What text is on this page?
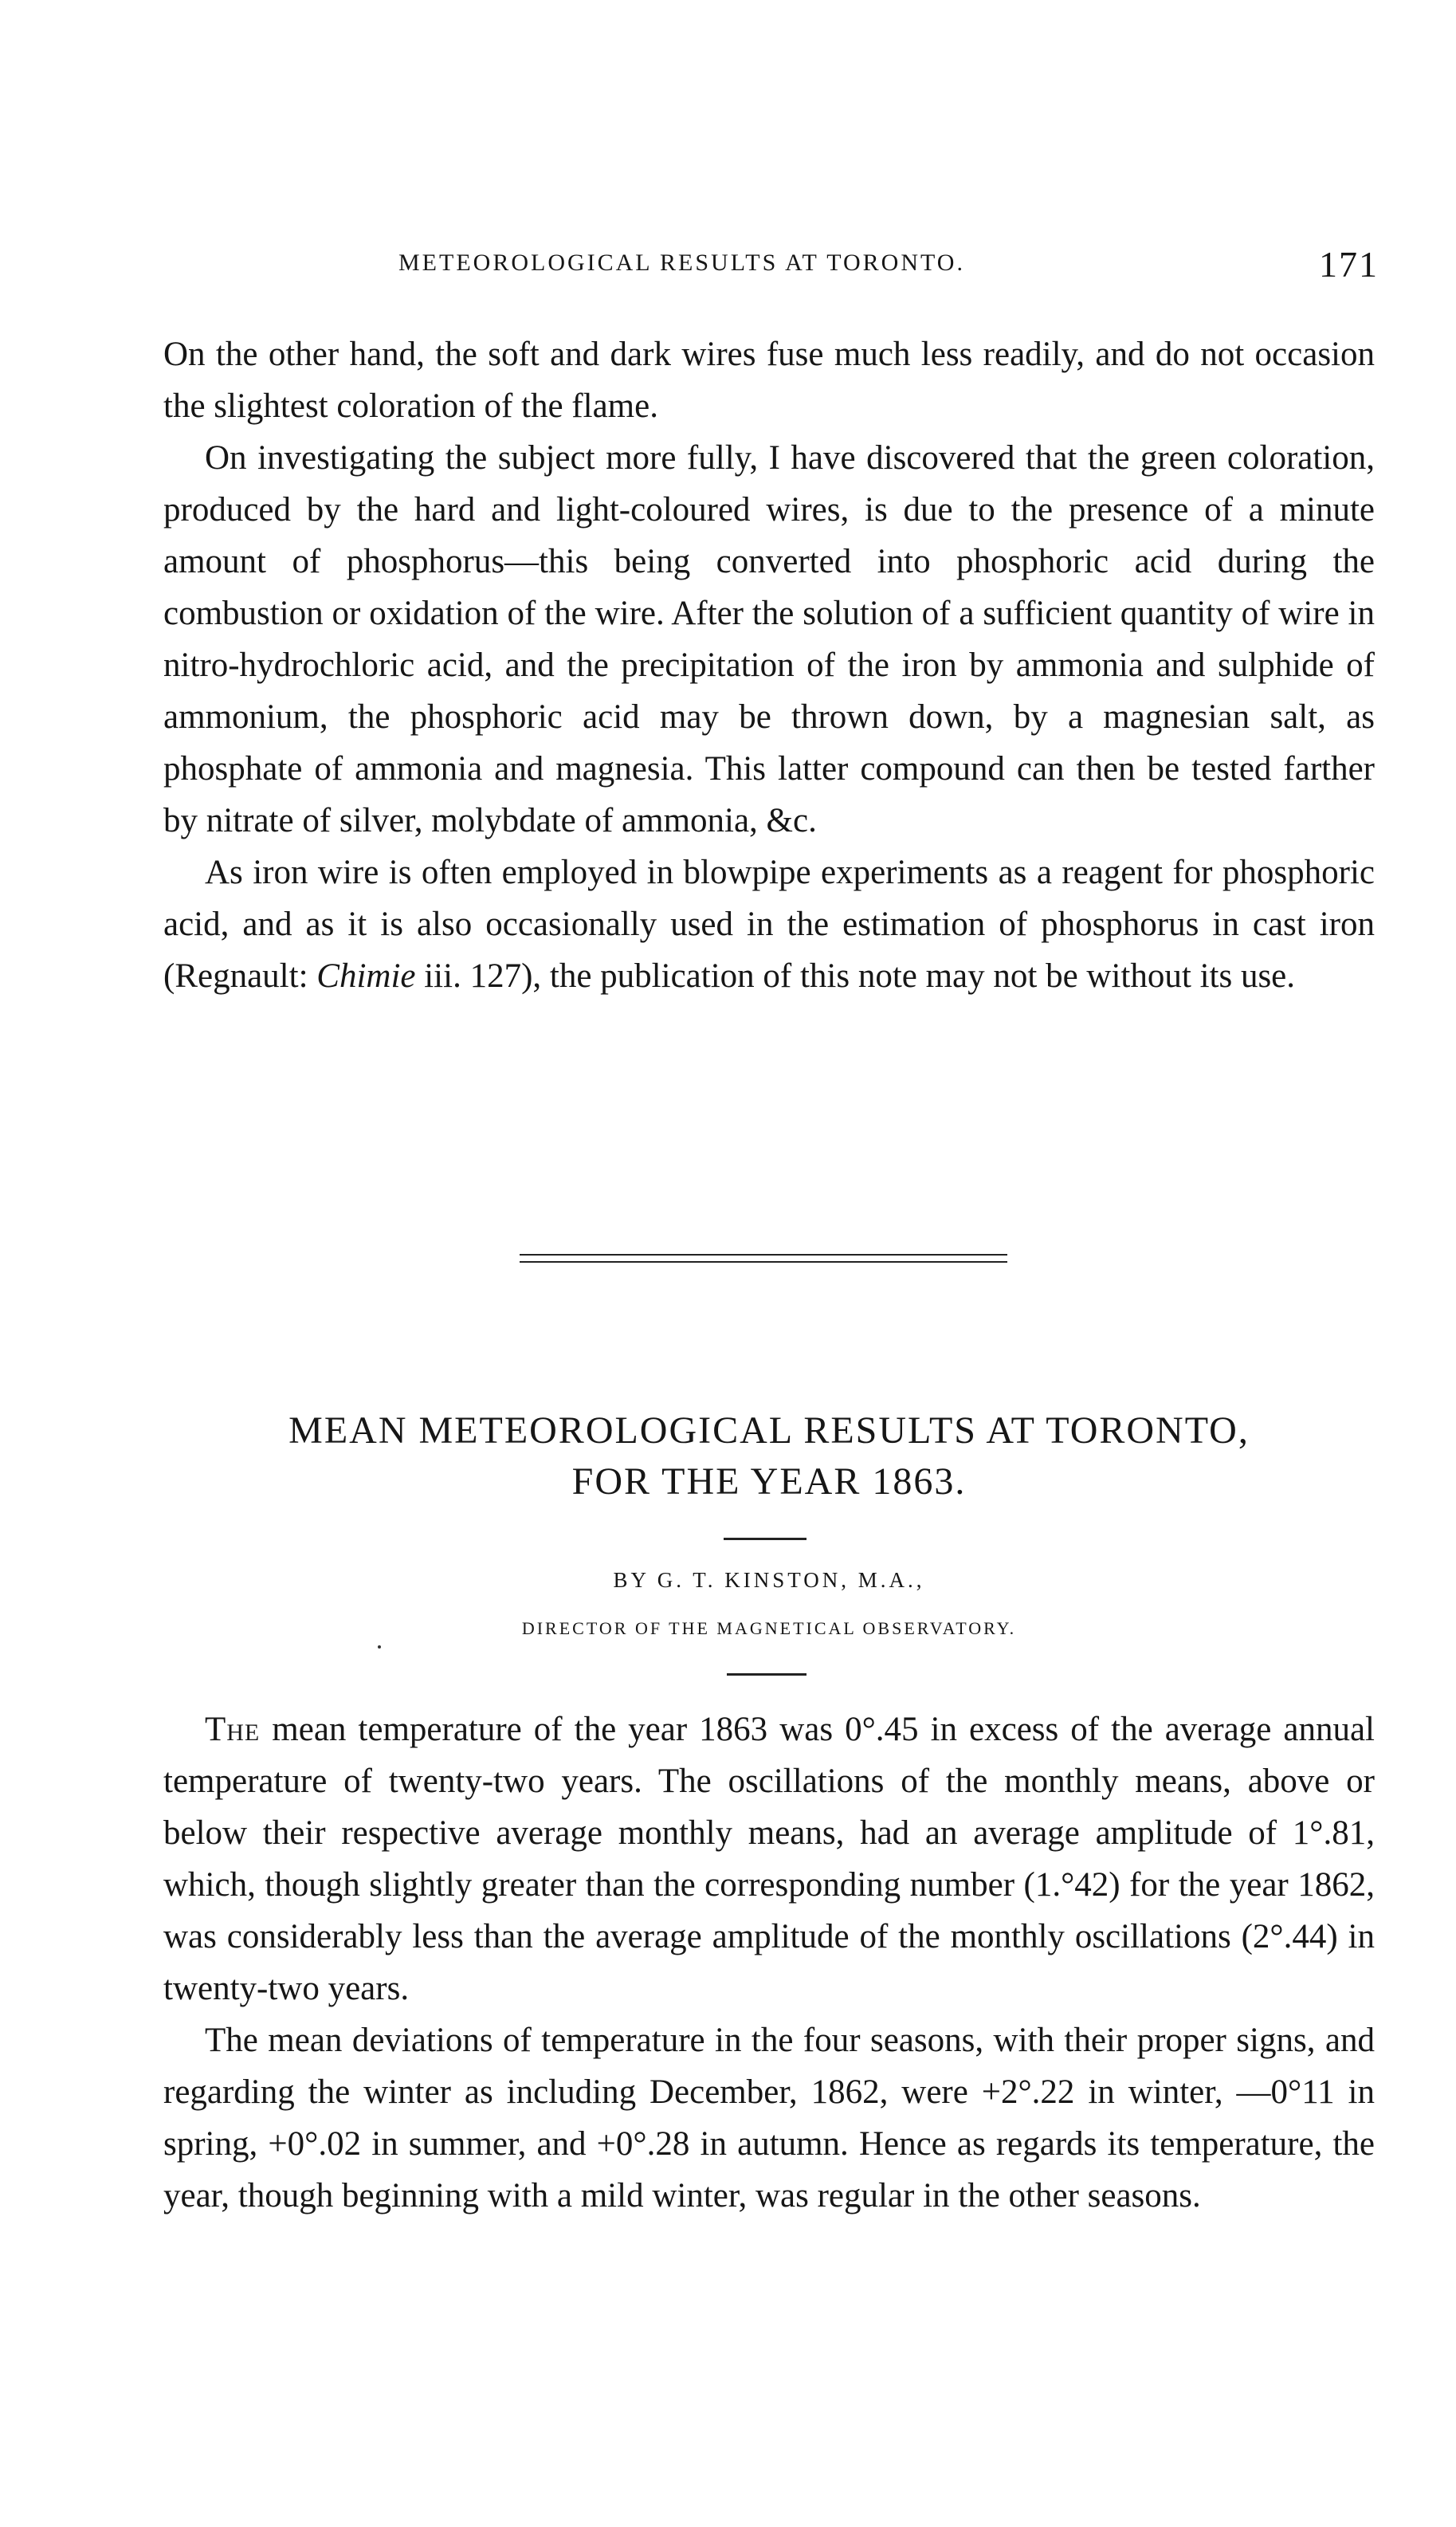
METEOROLOGICAL RESULTS AT TORONTO.	171

On the other hand, the soft and dark wires fuse much less readily, and do not occasion the slightest coloration of the flame.

On investigating the subject more fully, I have discovered that the green coloration, produced by the hard and light-coloured wires, is due to the presence of a minute amount of phosphorus—this being converted into phosphoric acid during the combustion or oxidation of the wire. After the solution of a sufficient quantity of wire in nitro-hydrochloric acid, and the precipitation of the iron by ammonia and sulphide of ammonium, the phosphoric acid may be thrown down, by a magnesian salt, as phosphate of ammonia and magnesia. This latter compound can then be tested farther by nitrate of silver, molybdate of ammonia, &c.

As iron wire is often employed in blowpipe experiments as a reagent for phosphoric acid, and as it is also occasionally used in the estimation of phosphorus in cast iron (Regnault: Chimie iii. 127), the publication of this note may not be without its use.

MEAN METEOROLOGICAL RESULTS AT TORONTO,
FOR THE YEAR 1863.
BY G. T. KINSTON, M.A.,
DIRECTOR OF THE MAGNETICAL OBSERVATORY.

The mean temperature of the year 1863 was 0°.45 in excess of the average annual temperature of twenty-two years. The oscillations of the monthly means, above or below their respective average monthly means, had an average amplitude of 1°.81, which, though slightly greater than the corresponding number (1.°42) for the year 1862, was considerably less than the average amplitude of the monthly oscillations (2°.44) in twenty-two years.

The mean deviations of temperature in the four seasons, with their proper signs, and regarding the winter as including December, 1862, were +2°.22 in winter, —0°11 in spring, +0°.02 in summer, and +0°.28 in autumn. Hence as regards its temperature, the year, though beginning with a mild winter, was regular in the other seasons.
